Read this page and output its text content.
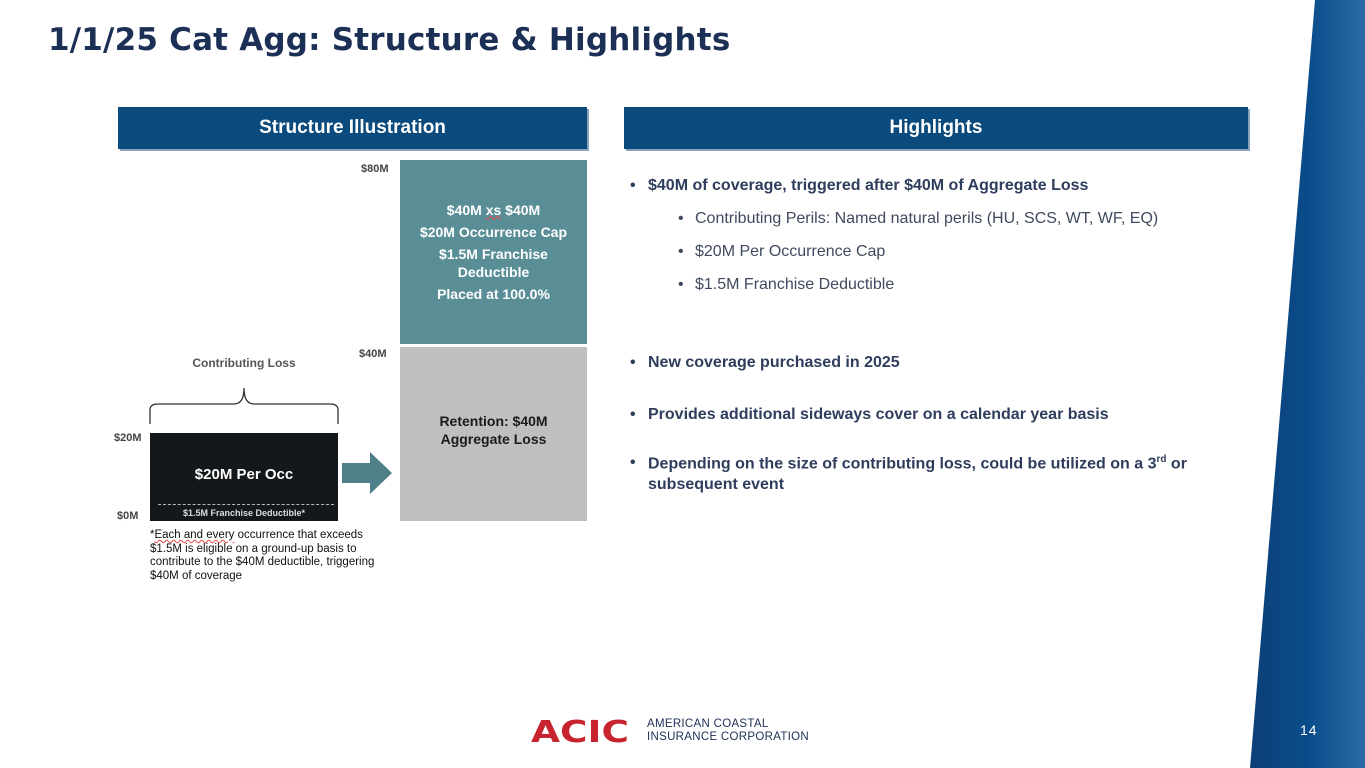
1/1/25 Cat Agg: Structure & Highlights
Structure Illustration	Highlights
$80M
$40M
$20M
$0M
$40M xs $40M
$20M Occurrence Cap
$1.5M Franchise Deductible
Placed at 100.0%
Retention: $40M Aggregate Loss
Contributing Loss
$20M Per Occ
$1.5M Franchise Deductible*
*Each and every occurrence that exceeds $1.5M is eligible on a ground-up basis to contribute to the $40M deductible, triggering $40M of coverage
• $40M of coverage, triggered after $40M of Aggregate Loss
• Contributing Perils: Named natural perils (HU, SCS, WT, WF, EQ)
• $20M Per Occurrence Cap
• $1.5M Franchise Deductible
• New coverage purchased in 2025
• Provides additional sideways cover on a calendar year basis
• Depending on the size of contributing loss, could be utilized on a 3rd or subsequent event
ACIC AMERICAN COASTAL
INSURANCE CORPORATION	14
